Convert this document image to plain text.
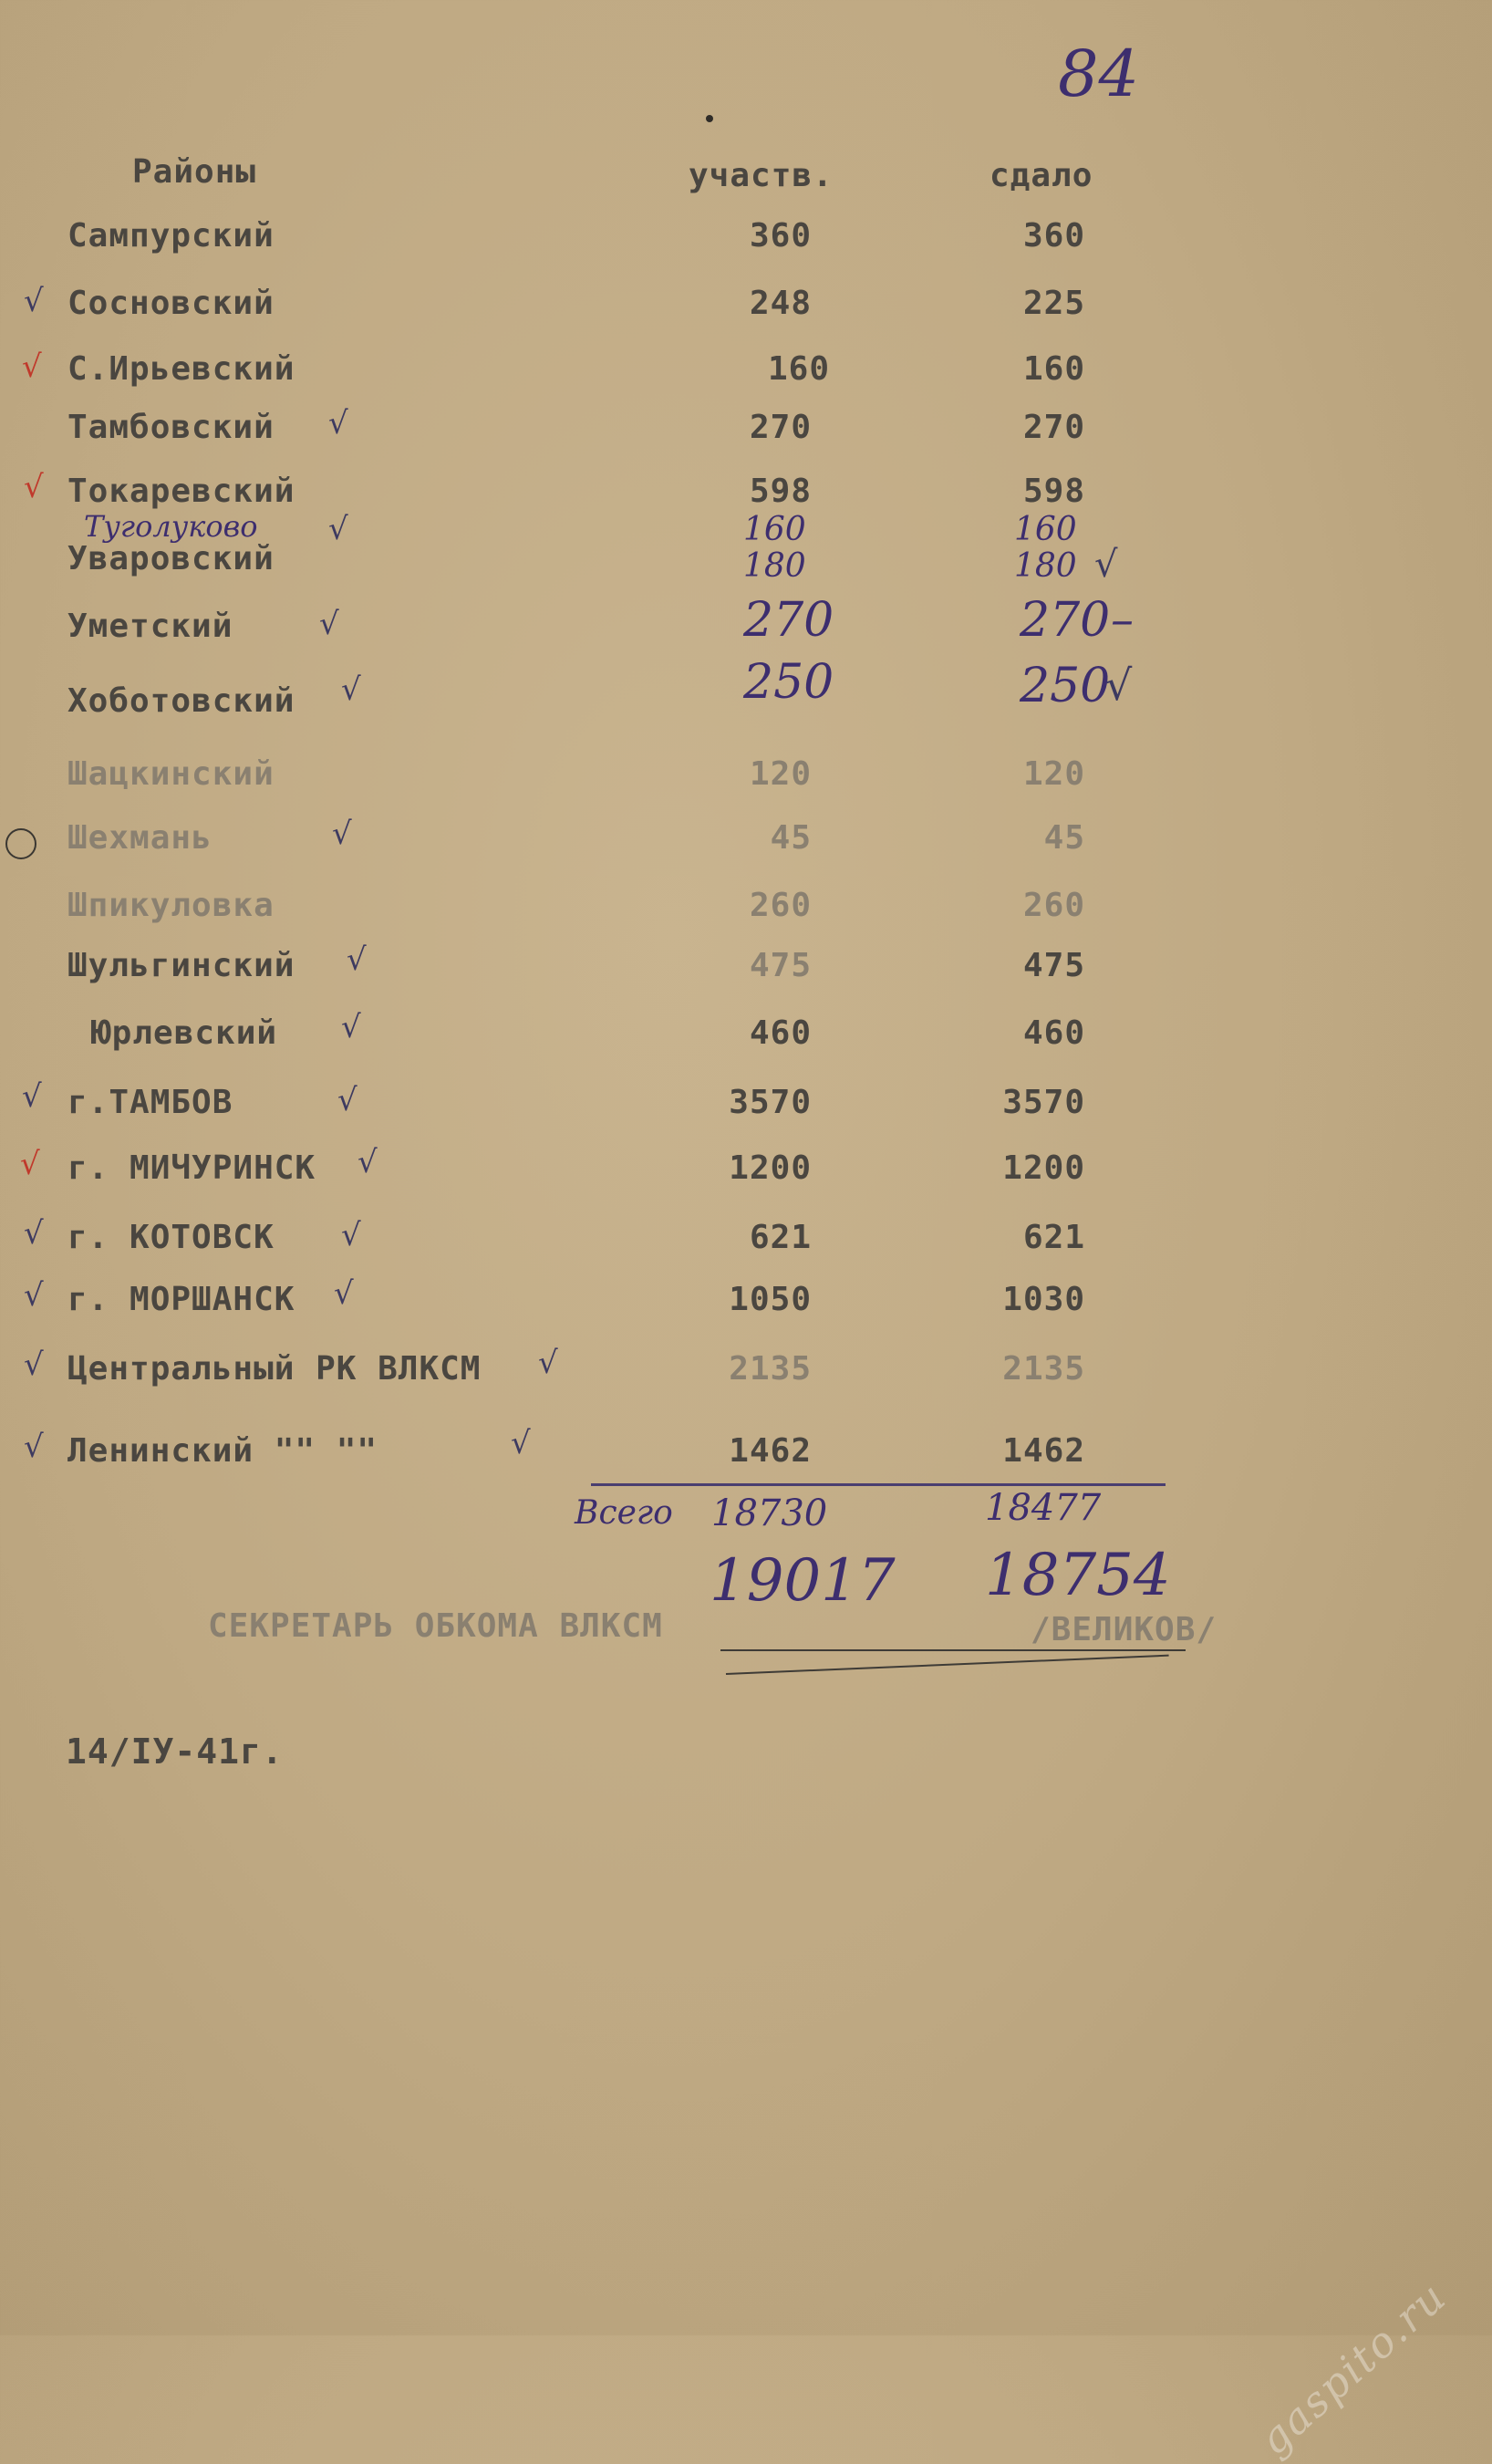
84
Районы	участв.	сдало
Сампурский	360	360
Сосновский	248	225
С.Ирьевский	160	160
Тамбовский	270	270
Токаревский	598	598
Туголуково	160	160
Уваровский	180	180
Уметский	270	270
Хоботовский	250	250
Шацкинский	120	120
Шехмань	45	45
Шпикуловка	260	260
Шульгинский	475	475
Юрлевский	460	460
г.ТАМБОВ	3570	3570
г. МИЧУРИНСК	1200	1200
г. КОТОВСК	621	621
г. МОРШАНСК	1050	1030
Центральный РК ВЛКСМ	2135	2135
Ленинский "" ""	1462	1462
√
√
√
√
√
√
√
√
√
√
√	√
√	√
√	√
√	√
√	√
√	√
√
√
–
Всего 18730	18477
19017 18754
СЕКРЕТАРЬ ОБКОМА ВЛКСМ	/ВЕЛИКОВ/
14/IУ-41г.
gaspito.ru
